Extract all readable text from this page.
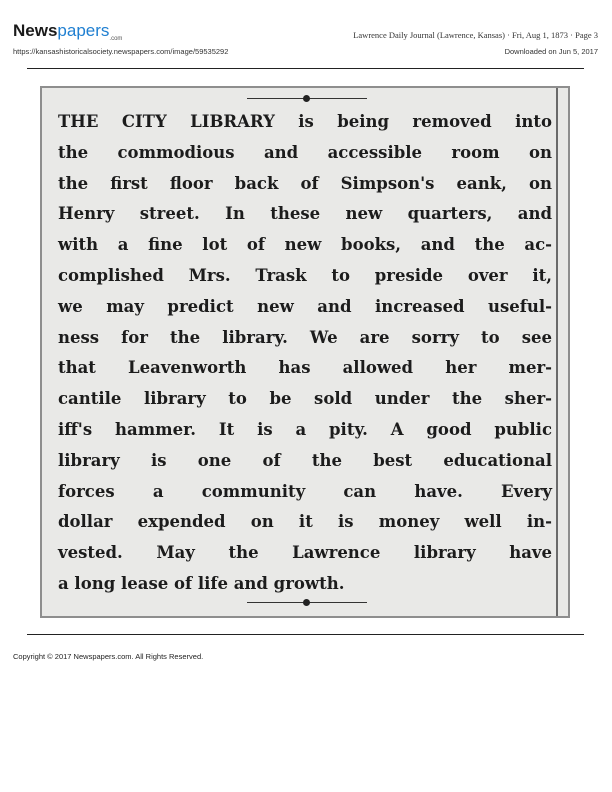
Newspapers$_{.com}$	Lawrence Daily Journal (Lawrence, Kansas) · Fri, Aug 1, 1873 · Page 3
https://kansashistoricalsociety.newspapers.com/image/59535292	Downloaded on Jun 5, 2017
THE CITY LIBRARY is being removed into
the commodious and accessible room on
the first floor back of Simpson's eank, on
Henry street. In these new quarters, and
with a fine lot of new books, and the ac-
complished Mrs. Trask to preside over it,
we may predict new and increased useful-
ness for the library. We are sorry to see
that Leavenworth has allowed her mer-
cantile library to be sold under the sher-
iff's hammer. It is a pity. A good public
library is one of the best educational
forces a community can have. Every
dollar expended on it is money well in-
vested. May the Lawrence library have
a long lease of life and growth.
Copyright © 2017 Newspapers.com. All Rights Reserved.
